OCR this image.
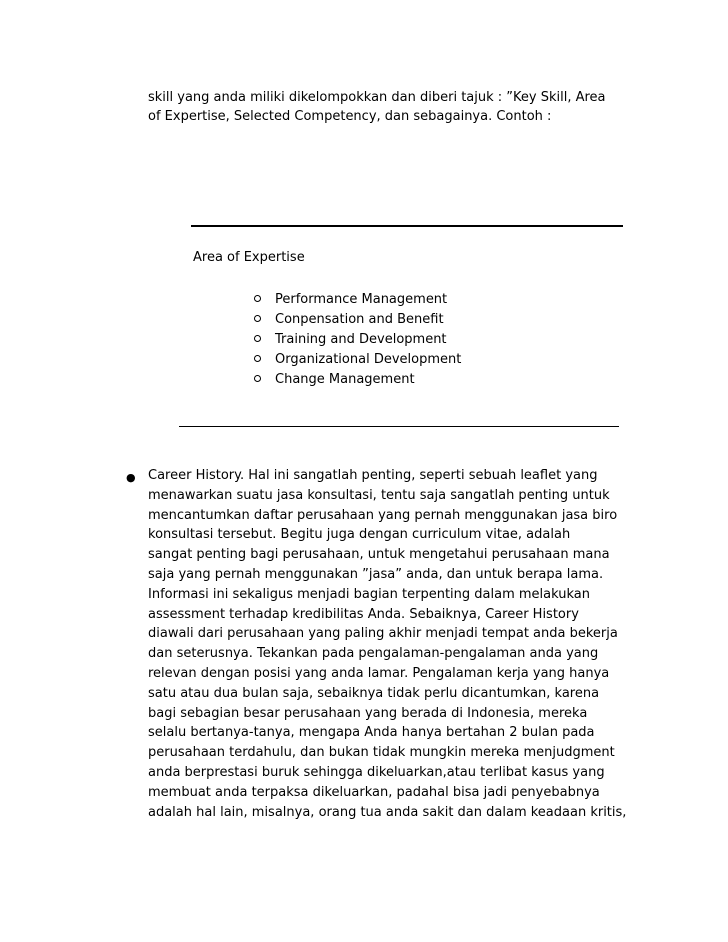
skill yang anda miliki dikelompokkan dan diberi tajuk : ”Key Skill, Area
of Expertise, Selected Competency, dan sebagainya. Contoh :
Area of Expertise
Performance Management
Conpensation and Benefit
Training and Development
Organizational Development
Change Management
● Career History. Hal ini sangatlah penting, seperti sebuah leaflet yang
menawarkan suatu jasa konsultasi, tentu saja sangatlah penting untuk
mencantumkan daftar perusahaan yang pernah menggunakan jasa biro
konsultasi tersebut. Begitu juga dengan curriculum vitae, adalah
sangat penting bagi perusahaan, untuk mengetahui perusahaan mana
saja yang pernah menggunakan ”jasa” anda, dan untuk berapa lama.
Informasi ini sekaligus menjadi bagian terpenting dalam melakukan
assessment terhadap kredibilitas Anda. Sebaiknya, Career History
diawali dari perusahaan yang paling akhir menjadi tempat anda bekerja
dan seterusnya. Tekankan pada pengalaman-pengalaman anda yang
relevan dengan posisi yang anda lamar. Pengalaman kerja yang hanya
satu atau dua bulan saja, sebaiknya tidak perlu dicantumkan, karena
bagi sebagian besar perusahaan yang berada di Indonesia, mereka
selalu bertanya-tanya, mengapa Anda hanya bertahan 2 bulan pada
perusahaan terdahulu, dan bukan tidak mungkin mereka menjudgment
anda berprestasi buruk sehingga dikeluarkan,atau terlibat kasus yang
membuat anda terpaksa dikeluarkan, padahal bisa jadi penyebabnya
adalah hal lain, misalnya, orang tua anda sakit dan dalam keadaan kritis,
